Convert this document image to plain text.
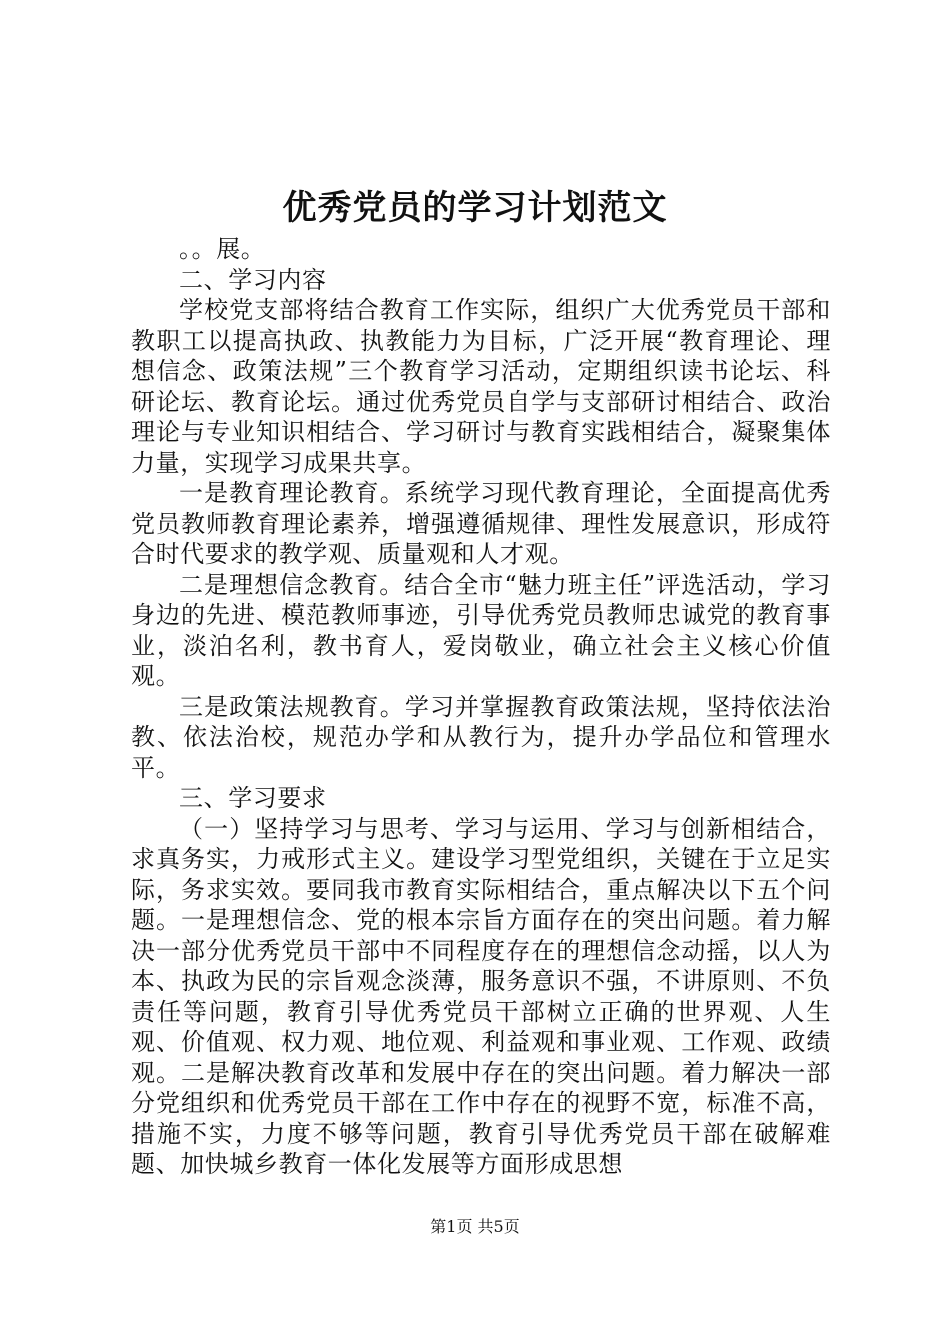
优秀党员的学习计划范文

。。展。

二、学习内容

学校党支部将结合教育工作实际，组织广大优秀党员干部和教职工以提高执政、执教能力为目标，广泛开展“教育理论、理想信念、政策法规”三个教育学习活动，定期组织读书论坛、科研论坛、教育论坛。通过优秀党员自学与支部研讨相结合、政治理论与专业知识相结合、学习研讨与教育实践相结合，凝聚集体力量，实现学习成果共享。

一是教育理论教育。系统学习现代教育理论，全面提高优秀党员教师教育理论素养，增强遵循规律、理性发展意识，形成符合时代要求的教学观、质量观和人才观。

二是理想信念教育。结合全市“魅力班主任”评选活动，学习身边的先进、模范教师事迹，引导优秀党员教师忠诚党的教育事业，淡泊名利，教书育人，爱岗敬业，确立社会主义核心价值观。

三是政策法规教育。学习并掌握教育政策法规，坚持依法治教、依法治校，规范办学和从教行为，提升办学品位和管理水平。

三、学习要求

（一）坚持学习与思考、学习与运用、学习与创新相结合，求真务实，力戒形式主义。建设学习型党组织，关键在于立足实际，务求实效。要同我市教育实际相结合，重点解决以下五个问题。一是理想信念、党的根本宗旨方面存在的突出问题。着力解决一部分优秀党员干部中不同程度存在的理想信念动摇，以人为本、执政为民的宗旨观念淡薄，服务意识不强，不讲原则、不负责任等问题，教育引导优秀党员干部树立正确的世界观、人生观、价值观、权力观、地位观、利益观和事业观、工作观、政绩观。二是解决教育改革和发展中存在的突出问题。着力解决一部分党组织和优秀党员干部在工作中存在的视野不宽，标准不高，措施不实，力度不够等问题，教育引导优秀党员干部在破解难题、加快城乡教育一体化发展等方面形成思想

第1页 共5页
